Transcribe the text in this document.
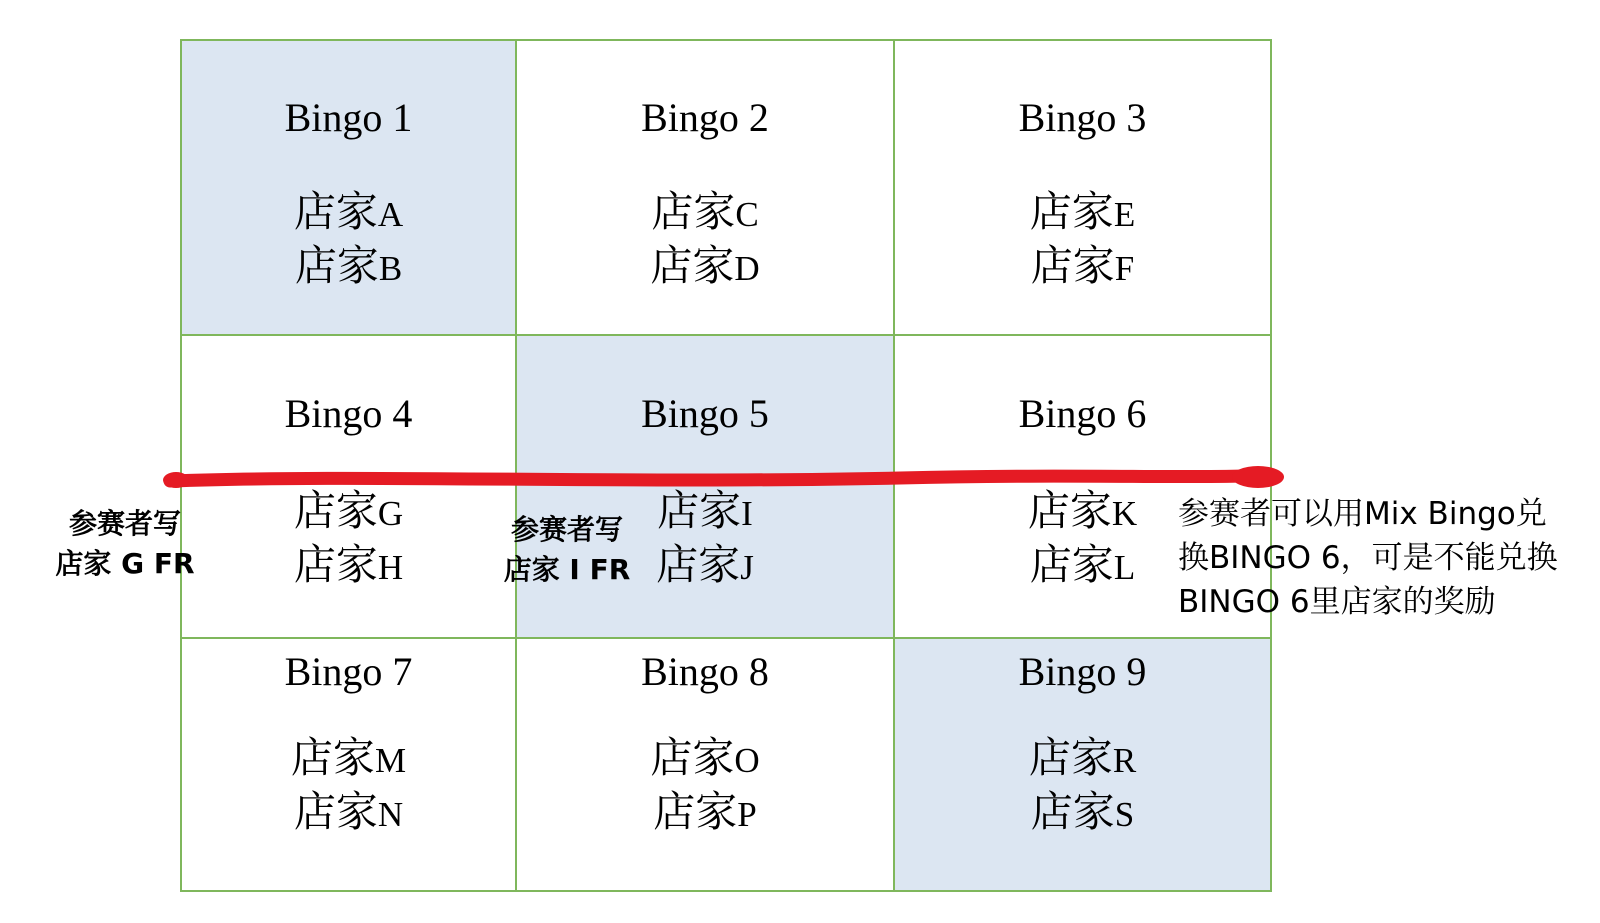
Bingo 1
店家A
店家B
Bingo 2
店家C
店家D
Bingo 3
店家E
店家F
Bingo 4
店家G
店家H
Bingo 5
店家I
店家J
Bingo 6
店家K
店家L
Bingo 7
店家M
店家N
Bingo 8
店家O
店家P
Bingo 9
店家R
店家S
参赛者写
店家 G FR
参赛者写
店家 I FR
参赛者可以用Mix Bingo兑
换BINGO 6，可是不能兑换
BINGO 6里店家的奖励
